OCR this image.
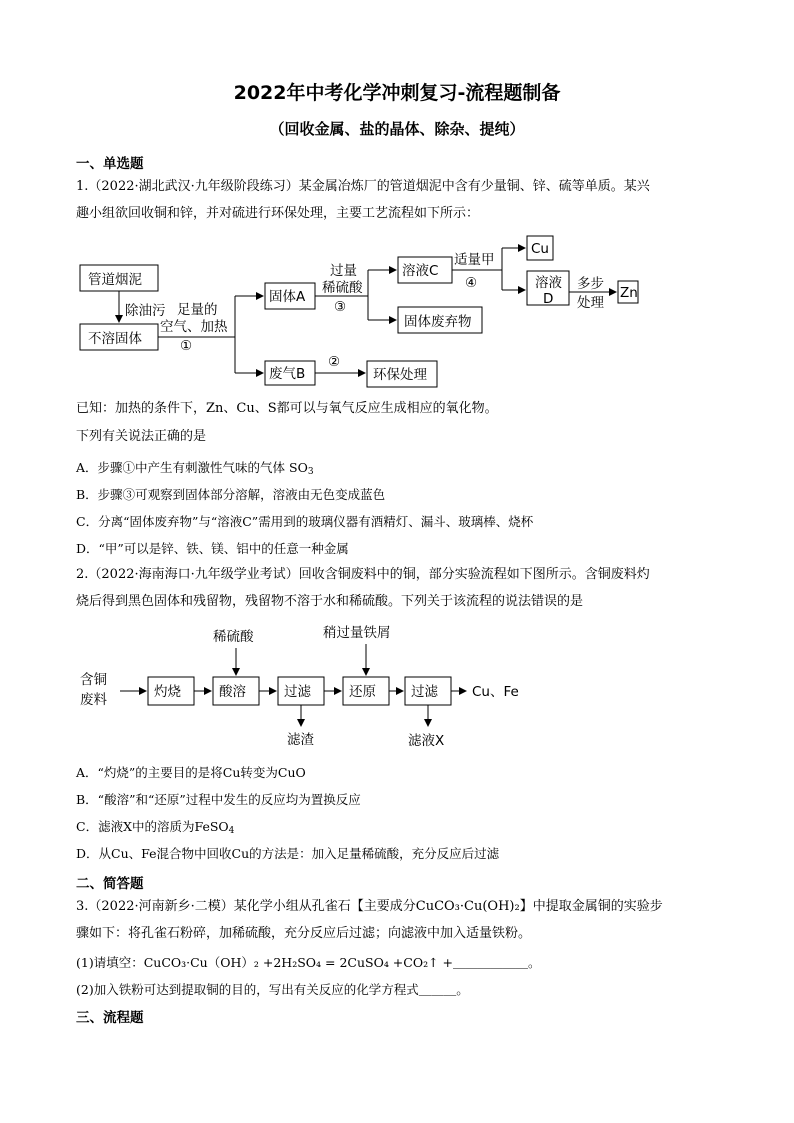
2022年中考化学冲刺复习-流程题制备
（回收金属、盐的晶体、除杂、提纯）
一、单选题
1.（2022·湖北武汉·九年级阶段练习）某金属冶炼厂的管道烟泥中含有少量铜、锌、硫等单质。某兴
趣小组欲回收铜和锌，并对硫进行环保处理，主要工艺流程如下所示：
管道烟泥
除油污
不溶固体
足量的
空气、加热
①
固体A
过量
稀硫酸
③
溶液C
适量甲
④
Cu
溶液
D
多步
处理
Zn
固体废弃物
废气B
②
环保处理
已知：加热的条件下，Zn、Cu、S都可以与氧气反应生成相应的氧化物。
下列有关说法正确的是
A．步骤①中产生有刺激性气味的气体 $SO_3$
B．步骤③可观察到固体部分溶解，溶液由无色变成蓝色
C．分离“固体废弃物”与“溶液C”需用到的玻璃仪器有酒精灯、漏斗、玻璃棒、烧杯
D．“甲”可以是锌、铁、镁、铝中的任意一种金属
2.（2022·海南海口·九年级学业考试）回收含铜废料中的铜，部分实验流程如下图所示。含铜废料灼
烧后得到黑色固体和残留物，残留物不溶于水和稀硫酸。下列关于该流程的说法错误的是
含铜
废料	灼烧
稀硫酸
酸溶	过滤
滤渣
稍过量铁屑
还原	过滤
滤液X
Cu、Fe
A．“灼烧”的主要目的是将Cu转变为CuO
B．“酸溶”和“还原”过程中发生的反应均为置换反应
C．滤液X中的溶质为FeSO$_4$
D．从Cu、Fe混合物中回收Cu的方法是：加入足量稀硫酸，充分反应后过滤
二、简答题
3.（2022·河南新乡·二模）某化学小组从孔雀石【主要成分CuCO₃·Cu(OH)₂】中提取金属铜的实验步
骤如下：将孔雀石粉碎，加稀硫酸，充分反应后过滤；向滤液中加入适量铁粉。
(1)请填空：CuCO₃·Cu（OH）₂ +2H₂SO₄ = 2CuSO₄ +CO₂↑ +＿＿＿＿＿＿。
(2)加入铁粉可达到提取铜的目的，写出有关反应的化学方程式＿＿＿。
三、流程题
